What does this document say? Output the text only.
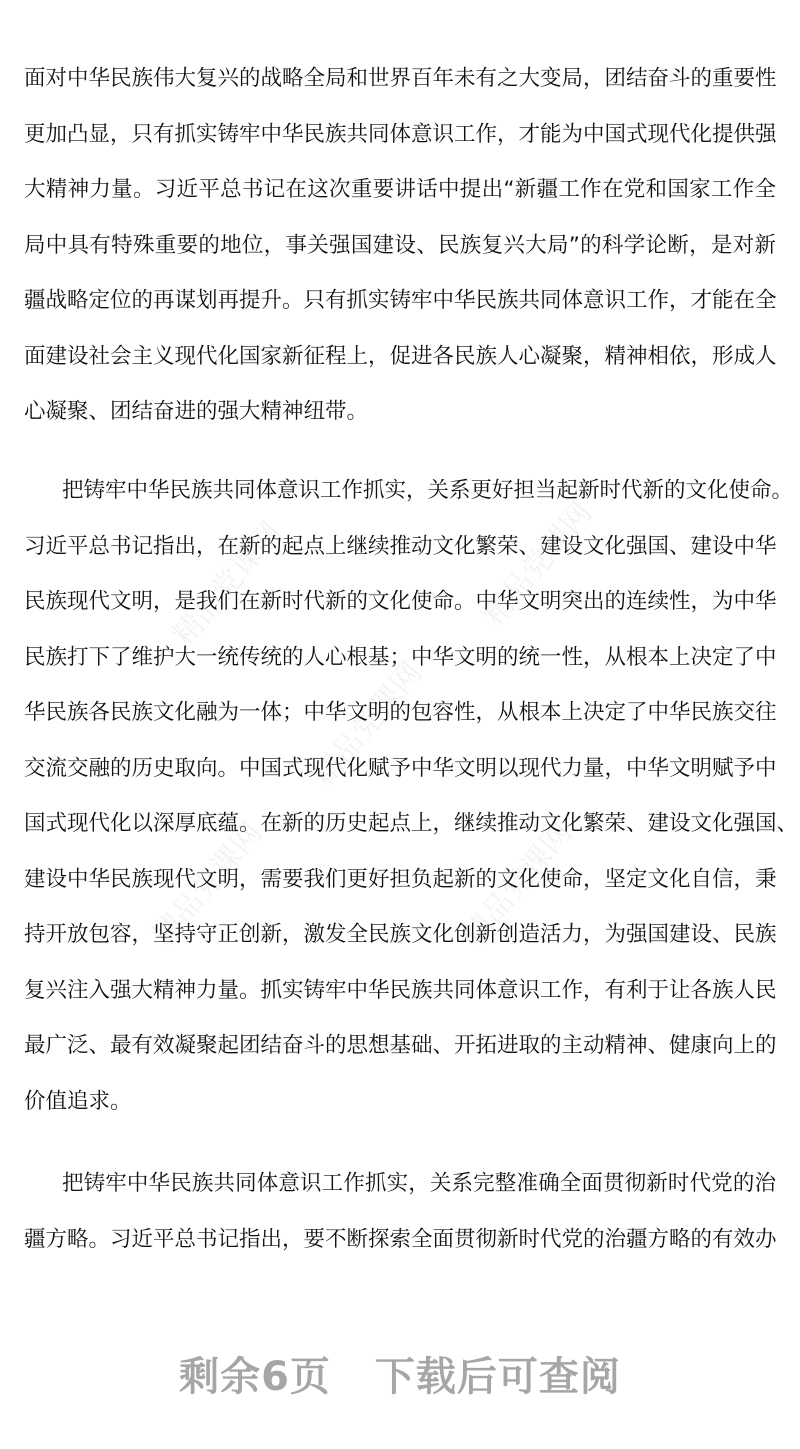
精品党课网	精品党课网
精品党课网
精品党课网	精品党课网
面对中华民族伟大复兴的战略全局和世界百年未有之大变局，团结奋斗的重要性
更加凸显，只有抓实铸牢中华民族共同体意识工作，才能为中国式现代化提供强
大精神力量。习近平总书记在这次重要讲话中提出“新疆工作在党和国家工作全
局中具有特殊重要的地位，事关强国建设、民族复兴大局”的科学论断，是对新
疆战略定位的再谋划再提升。只有抓实铸牢中华民族共同体意识工作，才能在全
面建设社会主义现代化国家新征程上，促进各民族人心凝聚，精神相依，形成人
心凝聚、团结奋进的强大精神纽带。
把铸牢中华民族共同体意识工作抓实，关系更好担当起新时代新的文化使命。
习近平总书记指出，在新的起点上继续推动文化繁荣、建设文化强国、建设中华
民族现代文明，是我们在新时代新的文化使命。中华文明突出的连续性，为中华
民族打下了维护大一统传统的人心根基；中华文明的统一性，从根本上决定了中
华民族各民族文化融为一体；中华文明的包容性，从根本上决定了中华民族交往
交流交融的历史取向。中国式现代化赋予中华文明以现代力量，中华文明赋予中
国式现代化以深厚底蕴。在新的历史起点上，继续推动文化繁荣、建设文化强国、
建设中华民族现代文明，需要我们更好担负起新的文化使命，坚定文化自信，秉
持开放包容，坚持守正创新，激发全民族文化创新创造活力，为强国建设、民族
复兴注入强大精神力量。抓实铸牢中华民族共同体意识工作，有利于让各族人民
最广泛、最有效凝聚起团结奋斗的思想基础、开拓进取的主动精神、健康向上的
价值追求。
把铸牢中华民族共同体意识工作抓实，关系完整准确全面贯彻新时代党的治
疆方略。习近平总书记指出，要不断探索全面贯彻新时代党的治疆方略的有效办
剩余6页 下载后可查阅
